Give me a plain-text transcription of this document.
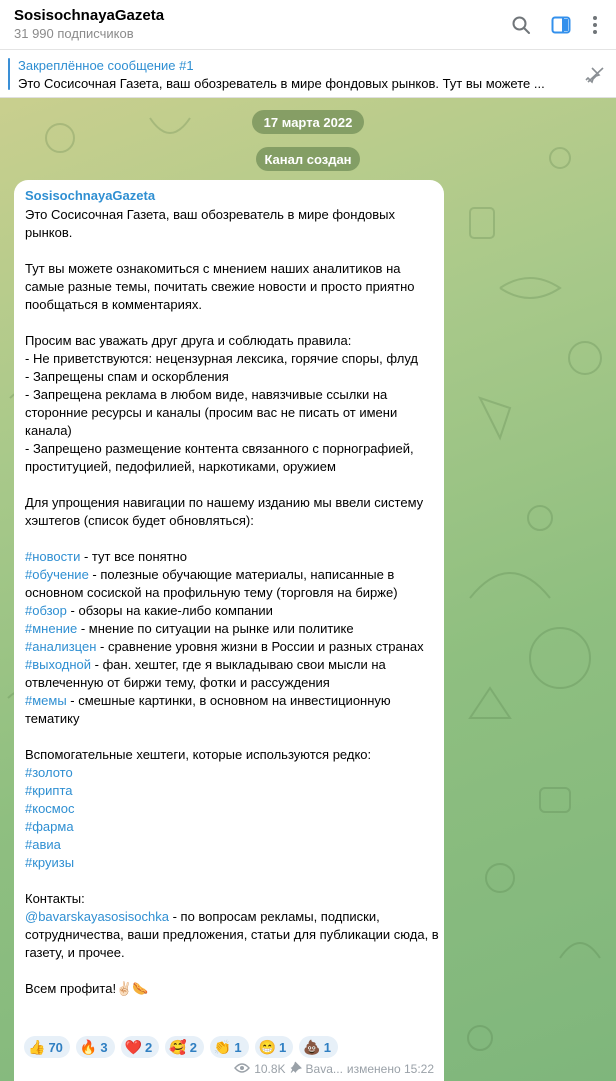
SosisochnayaGazeta
31 990 подписчиков
Закреплённое сообщение #1
Это Сосисочная Газета, ваш обозреватель в мире фондовых рынков. Тут вы можете ...
17 марта 2022
Канал создан
SosisochnayaGazeta

Это Сосисочная Газета, ваш обозреватель в мире фондовых рынков.

Тут вы можете ознакомиться с мнением наших аналитиков на самые разные темы, почитать свежие новости и просто приятно пообщаться в комментариях.

Просим вас уважать друг друга и соблюдать правила:

- Не приветствуются: нецензурная лексика, горячие споры, флуд

- Запрещены спам и оскорбления

- Запрещена реклама в любом виде, навязчивые ссылки на сторонние ресурсы и каналы (просим вас не писать от имени канала)

- Запрещено размещение контента связанного с порнографией, проституцией, педофилией, наркотиками, оружием

Для упрощения навигации по нашему изданию мы ввели систему хэштегов (список будет обновляться):

#новости - тут все понятно

#обучение - полезные обучающие материалы, написанные в основном сосиской на профильную тему (торговля на бирже)

#обзор - обзоры на какие-либо компании

#мнение - мнение по ситуации на рынке или политике

#анализцен - сравнение уровня жизни в России и разных странах

#выходной - фан. хештег, где я выкладываю свои мысли на отвлеченную от биржи тему, фотки и рассуждения

#мемы - смешные картинки, в основном на инвестиционную тематику

Вспомогательные хештеги, которые используются редко:

#золото

#крипта

#космос

#фарма

#авиа

#круизы

Контакты:

@bavarskayasosisochka - по вопросам рекламы, подписки, сотрудничества, ваши предложения, статьи для публикации сюда, в газету, и прочее.

Всем профита!✌🏻🌭

👍 70 🔥 3 ❤️ 2 🥰 2 👏 1 😁 1 💩 1
10.8K Bava... изменено 15:22
